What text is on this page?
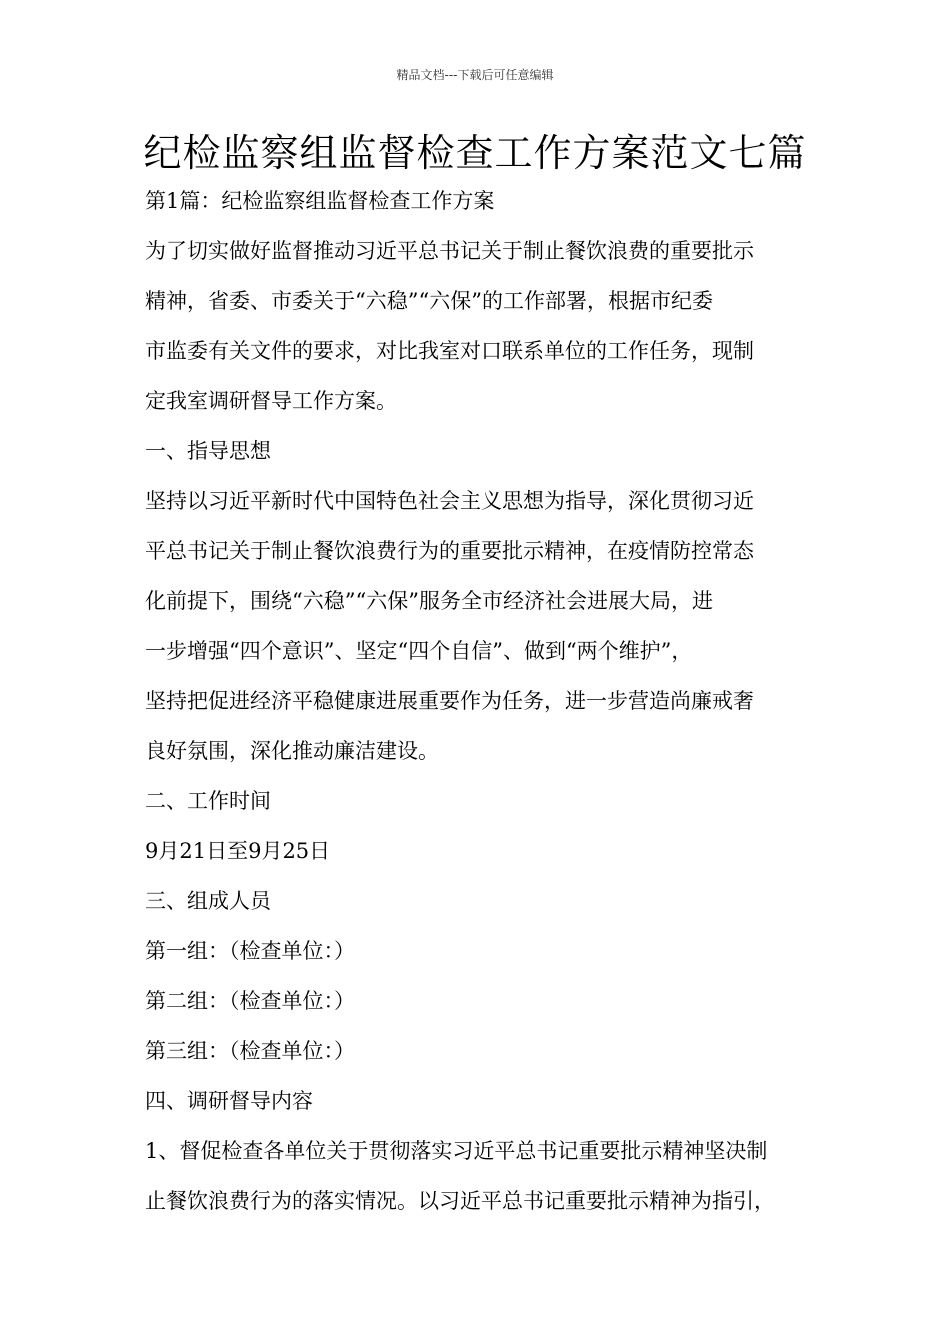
精品文档---下载后可任意编辑
纪检监察组监督检查工作方案范文七篇

第1篇：纪检监察组监督检查工作方案

为了切实做好监督推动习近平总书记关于制止餐饮浪费的重要批示
精神，省委、市委关于“六稳”“六保”的工作部署，根据市纪委
市监委有关文件的要求，对比我室对口联系单位的工作任务，现制
定我室调研督导工作方案。

一、指导思想

坚持以习近平新时代中国特色社会主义思想为指导，深化贯彻习近
平总书记关于制止餐饮浪费行为的重要批示精神，在疫情防控常态
化前提下，围绕“六稳”“六保”服务全市经济社会进展大局，进
一步增强“四个意识”、坚定“四个自信”、做到“两个维护”，
坚持把促进经济平稳健康进展重要作为任务，进一步营造尚廉戒奢
良好氛围，深化推动廉洁建设。

二、工作时间

9月21日至9月25日

三、组成人员

第一组：（检查单位：）

第二组：（检查单位：）

第三组：（检查单位：）

四、调研督导内容

1、督促检查各单位关于贯彻落实习近平总书记重要批示精神坚决制
止餐饮浪费行为的落实情况。以习近平总书记重要批示精神为指引，
